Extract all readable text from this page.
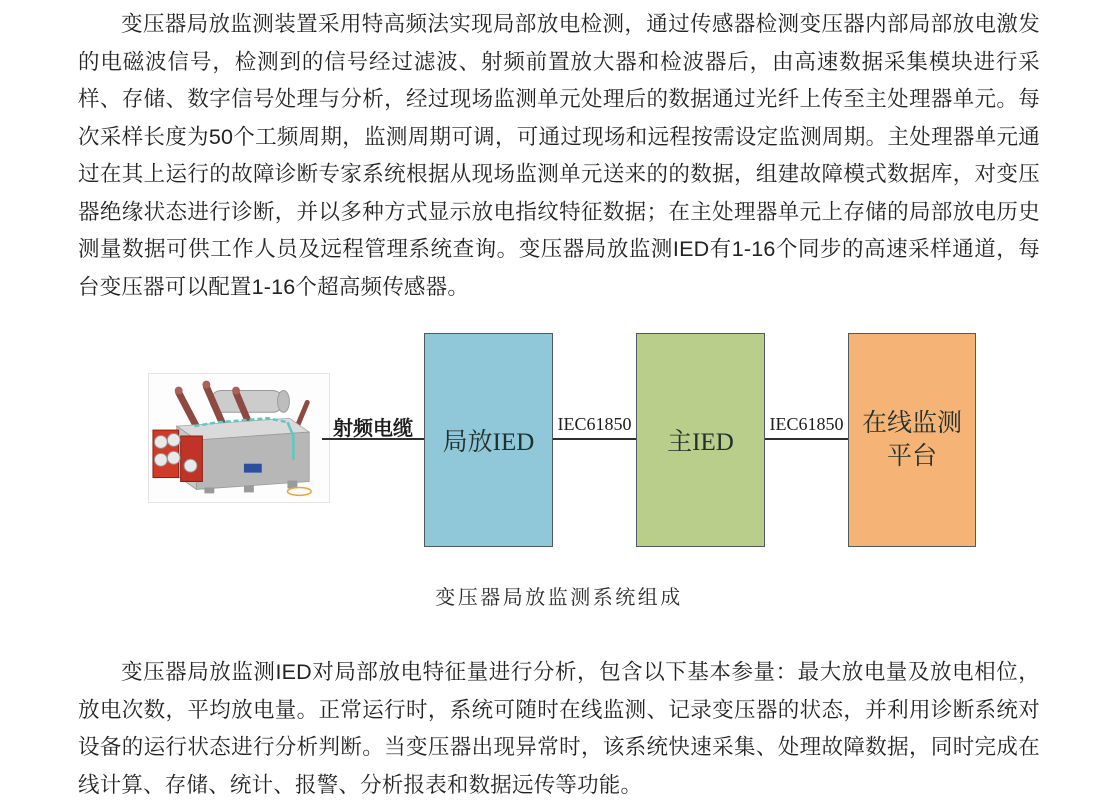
变压器局放监测装置采用特高频法实现局部放电检测，通过传感器检测变压器内部局部放电激发的电磁波信号，检测到的信号经过滤波、射频前置放大器和检波器后，由高速数据采集模块进行采样、存储、数字信号处理与分析，经过现场监测单元处理后的数据通过光纤上传至主处理器单元。每次采样长度为50个工频周期，监测周期可调，可通过现场和远程按需设定监测周期。主处理器单元通过在其上运行的故障诊断专家系统根据从现场监测单元送来的的数据，组建故障模式数据库，对变压器绝缘状态进行诊断，并以多种方式显示放电指纹特征数据；在主处理器单元上存储的局部放电历史测量数据可供工作人员及远程管理系统查询。变压器局放监测IED有1-16个同步的高速采样通道，每台变压器可以配置1-16个超高频传感器。

射频电缆	局放IED
IEC61850
主IED
IEC61850 在线监测
平台
变压器局放监测系统组成

变压器局放监测IED对局部放电特征量进行分析，包含以下基本参量：最大放电量及放电相位，放电次数，平均放电量。正常运行时，系统可随时在线监测、记录变压器的状态，并利用诊断系统对设备的运行状态进行分析判断。当变压器出现异常时，该系统快速采集、处理故障数据，同时完成在线计算、存储、统计、报警、分析报表和数据远传等功能。
